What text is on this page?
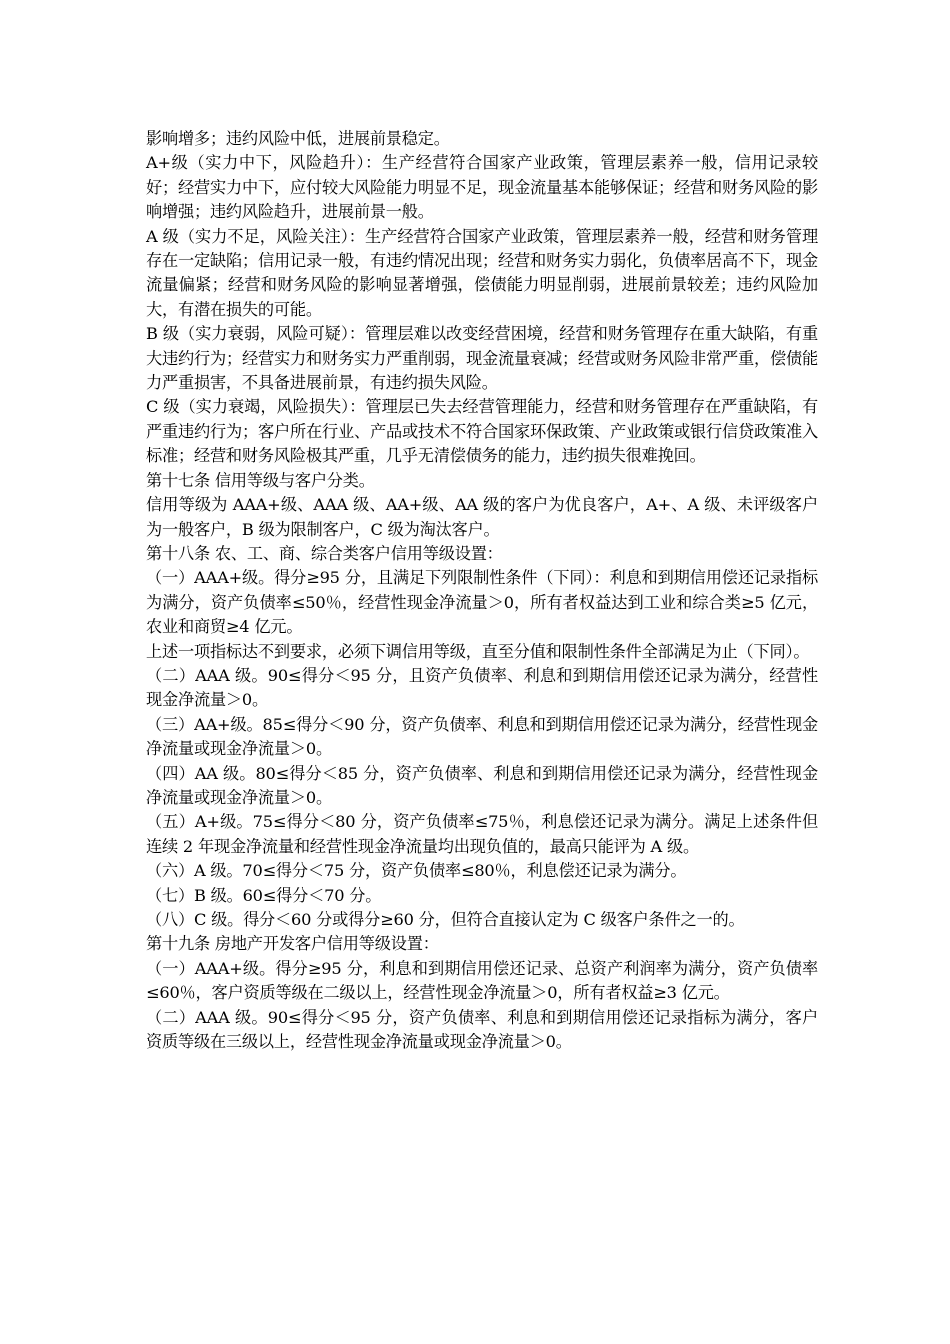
影响增多；违约风险中低，进展前景稳定。

A+级（实力中下，风险趋升）：生产经营符合国家产业政策，管理层素养一般，信用记录较好；经营实力中下，应付较大风险能力明显不足，现金流量基本能够保证；经营和财务风险的影响增强；违约风险趋升，进展前景一般。

A 级（实力不足，风险关注）：生产经营符合国家产业政策，管理层素养一般，经营和财务管理存在一定缺陷；信用记录一般，有违约情况出现；经营和财务实力弱化，负债率居高不下，现金流量偏紧；经营和财务风险的影响显著增强，偿债能力明显削弱，进展前景较差；违约风险加大，有潜在损失的可能。

B 级（实力衰弱，风险可疑）：管理层难以改变经营困境，经营和财务管理存在重大缺陷，有重大违约行为；经营实力和财务实力严重削弱，现金流量衰减；经营或财务风险非常严重，偿债能力严重损害，不具备进展前景，有违约损失风险。

C 级（实力衰竭，风险损失）：管理层已失去经营管理能力，经营和财务管理存在严重缺陷，有严重违约行为；客户所在行业、产品或技术不符合国家环保政策、产业政策或银行信贷政策准入标准；经营和财务风险极其严重，几乎无清偿债务的能力，违约损失很难挽回。

第十七条 信用等级与客户分类。

信用等级为 AAA+级、AAA 级、AA+级、AA 级的客户为优良客户，A+、A 级、未评级客户为一般客户，B 级为限制客户，C 级为淘汰客户。

第十八条 农、工、商、综合类客户信用等级设置：

（一）AAA+级。得分≥95 分，且满足下列限制性条件（下同）：利息和到期信用偿还记录指标为满分，资产负债率≤50％，经营性现金净流量＞0，所有者权益达到工业和综合类≥5 亿元，农业和商贸≥4 亿元。

上述一项指标达不到要求，必须下调信用等级，直至分值和限制性条件全部满足为止（下同）。

（二）AAA 级。90≤得分＜95 分，且资产负债率、利息和到期信用偿还记录为满分，经营性现金净流量＞0。

（三）AA+级。85≤得分＜90 分，资产负债率、利息和到期信用偿还记录为满分，经营性现金净流量或现金净流量＞0。

（四）AA 级。80≤得分＜85 分，资产负债率、利息和到期信用偿还记录为满分，经营性现金净流量或现金净流量＞0。

（五）A+级。75≤得分＜80 分，资产负债率≤75％，利息偿还记录为满分。满足上述条件但连续 2 年现金净流量和经营性现金净流量均出现负值的，最高只能评为 A 级。

（六）A 级。70≤得分＜75 分，资产负债率≤80％，利息偿还记录为满分。

（七）B 级。60≤得分＜70 分。

（八）C 级。得分＜60 分或得分≥60 分，但符合直接认定为 C 级客户条件之一的。

第十九条 房地产开发客户信用等级设置：

（一）AAA+级。得分≥95 分，利息和到期信用偿还记录、总资产利润率为满分，资产负债率≤60％，客户资质等级在二级以上，经营性现金净流量＞0，所有者权益≥3 亿元。

（二）AAA 级。90≤得分＜95 分，资产负债率、利息和到期信用偿还记录指标为满分，客户资质等级在三级以上，经营性现金净流量或现金净流量＞0。
